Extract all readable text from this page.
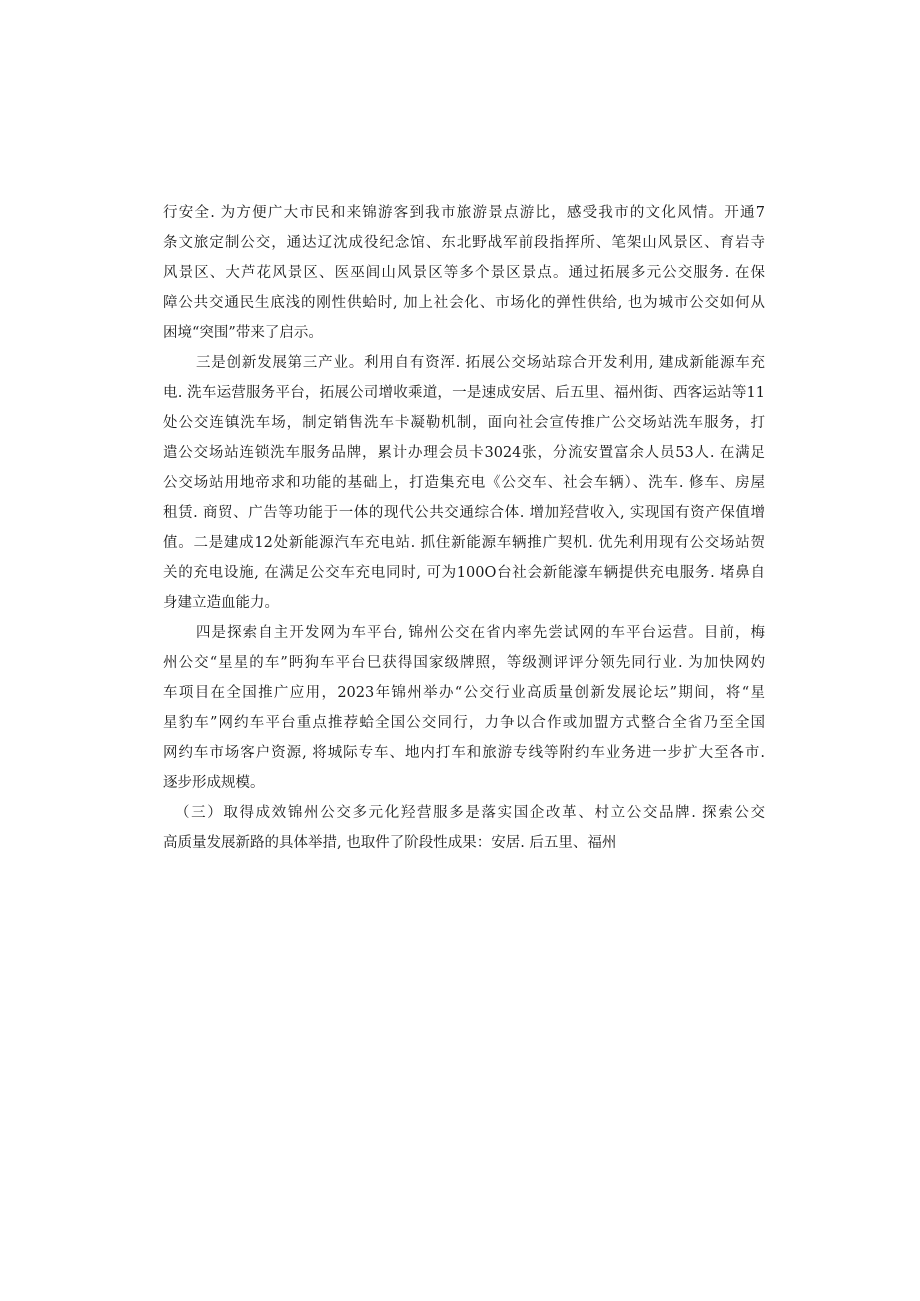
行安全. 为方便广大市民和来锦游客到我市旅游景点游比，感受我市的文化风情。开通7
条文旅定制公交，通达辽沈成役纪念馆、东北野战军前段指挥所、笔架山风景区、育岩寺
风景区、大芦花风景区、医巫闾山风景区等多个景区景点。通过拓展多元公交服务. 在保
障公共交通民生底浅的刚性供蛤时, 加上社会化、市场化的弹性供给, 也为城市公交如何从
困境“突围”带来了启示。
三是创新发展第三产业。利用自有资浑. 拓展公交场站琮合开发利用, 建成新能源车充
电. 洗车运营服务平台，拓展公司增收乘道，一是速成安居、后五里、福州街、西客运站等11
处公交连镇洗车场，制定销售洗车卡凝勒机制，面向社会宣传推广公交场站洗车服务，打
遣公交场站连锁洗车服务品牌，累计办理会员卡3024张，分流安置富余人员53人. 在满足
公交场站用地帝求和功能的基础上，打造集充电《公交车、社会车辆）、洗车. 修车、房屋
租赁. 商贸、广告等功能于一体的现代公共交通综合体. 增加羟营收入, 实现国有资产保值增
值。二是建成12处新能源汽车充电站. 抓住新能源车辆推广契机. 优先利用现有公交场站贺
关的充电设施, 在满足公交车充电同时, 可为100O台社会新能濠车辆提供充电服务. 堵鼻自
身建立造血能力。
四是探索自主开发网为车平台, 锦州公交在省内率先尝试网的车平台运营。目前，梅
州公交“星星的车”眄狗车平台巳获得国家级牌照，等级测评评分领先同行业. 为加快网妁
车项目在全国推广应用，2023年锦州举办“公交行业高质量创新发展论坛”期间，将“星
星豹车”网约车平台重点推荐蛤全国公交同行，力争以合作或加盟方式整合全省乃至全国
网约车市场客户资源, 将城际专车、地内打车和旅游专线等附约车业务进一步扩大至各市.
逐步形成规模。
（三）取得成效锦州公交多元化羟营服多是落实国企改革、村立公交品牌. 探索公交
高质量发展新路的具体举措, 也取件了阶段性成果：安居. 后五里、福州
